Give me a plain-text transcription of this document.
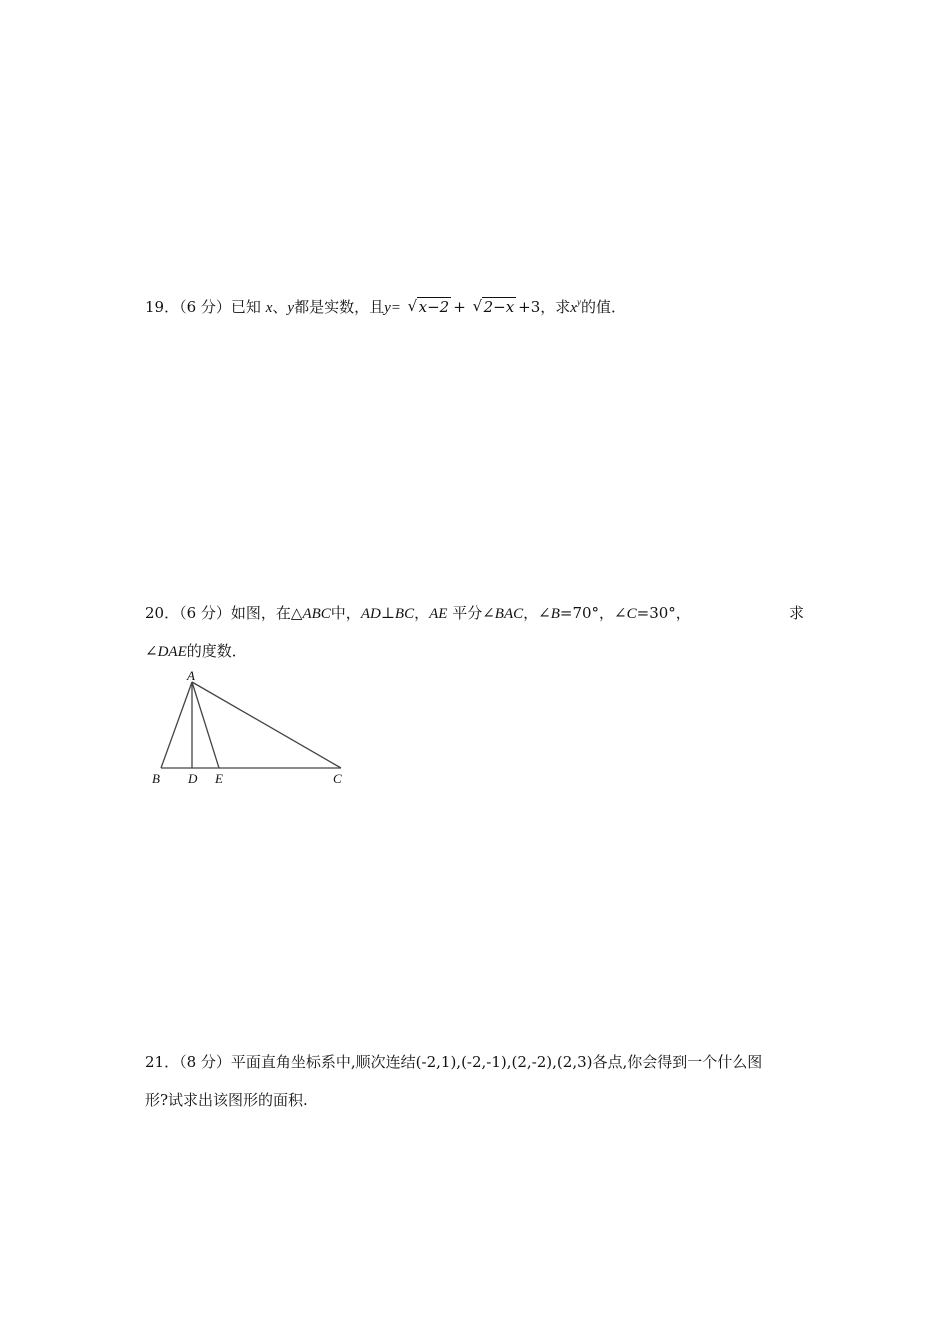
19．（6 分）已知 x、y都是实数，且y= √ x−2 + √ 2−x +3，求$x^y$的值．
20．（6 分）如图，在△ABC中，AD⊥BC，AE 平分∠BAC，∠B=70°，∠C=30°，	求
∠DAE的度数．
A
B D E	C
21．（8 分）平面直角坐标系中,顺次连结(-2,1),(-2,-1),(2,-2),(2,3)各点,你会得到一个什么图
形?试求出该图形的面积.
